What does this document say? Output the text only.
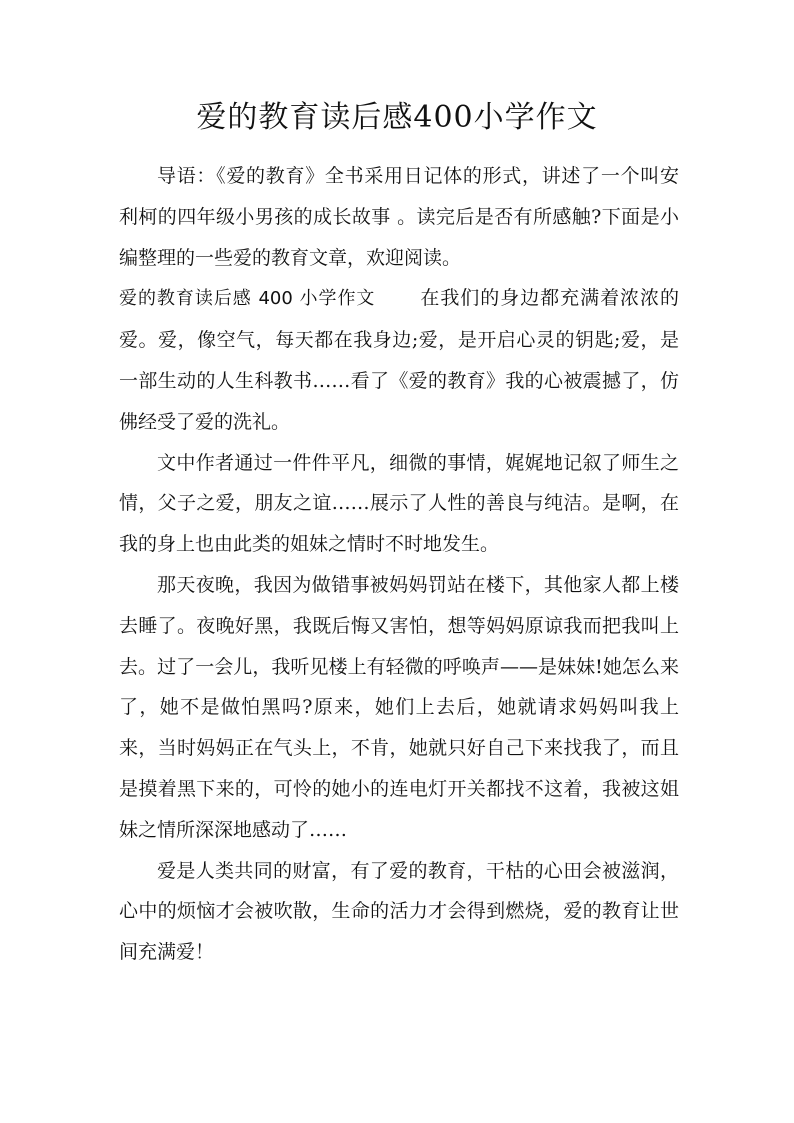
爱的教育读后感400小学作文

导语：《爱的教育》全书采用日记体的形式，讲述了一个叫安利柯的四年级小男孩的成长故事 。读完后是否有所感触?下面是小编整理的一些爱的教育文章，欢迎阅读。

爱的教育读后感 400 小学作文 在我们的身边都充满着浓浓的爱。爱，像空气，每天都在我身边;爱，是开启心灵的钥匙;爱，是一部生动的人生科教书……看了《爱的教育》我的心被震撼了，仿佛经受了爱的洗礼。

文中作者通过一件件平凡，细微的事情，娓娓地记叙了师生之情，父子之爱，朋友之谊……展示了人性的善良与纯洁。是啊，在我的身上也由此类的姐妹之情时不时地发生。

那天夜晚，我因为做错事被妈妈罚站在楼下，其他家人都上楼去睡了。夜晚好黑，我既后悔又害怕，想等妈妈原谅我而把我叫上去。过了一会儿，我听见楼上有轻微的呼唤声——是妹妹!她怎么来了，她不是做怕黑吗?原来，她们上去后，她就请求妈妈叫我上来，当时妈妈正在气头上，不肯，她就只好自己下来找我了，而且是摸着黑下来的，可怜的她小的连电灯开关都找不这着，我被这姐妹之情所深深地感动了……

爱是人类共同的财富，有了爱的教育，干枯的心田会被滋润，心中的烦恼才会被吹散，生命的活力才会得到燃烧，爱的教育让世间充满爱！
